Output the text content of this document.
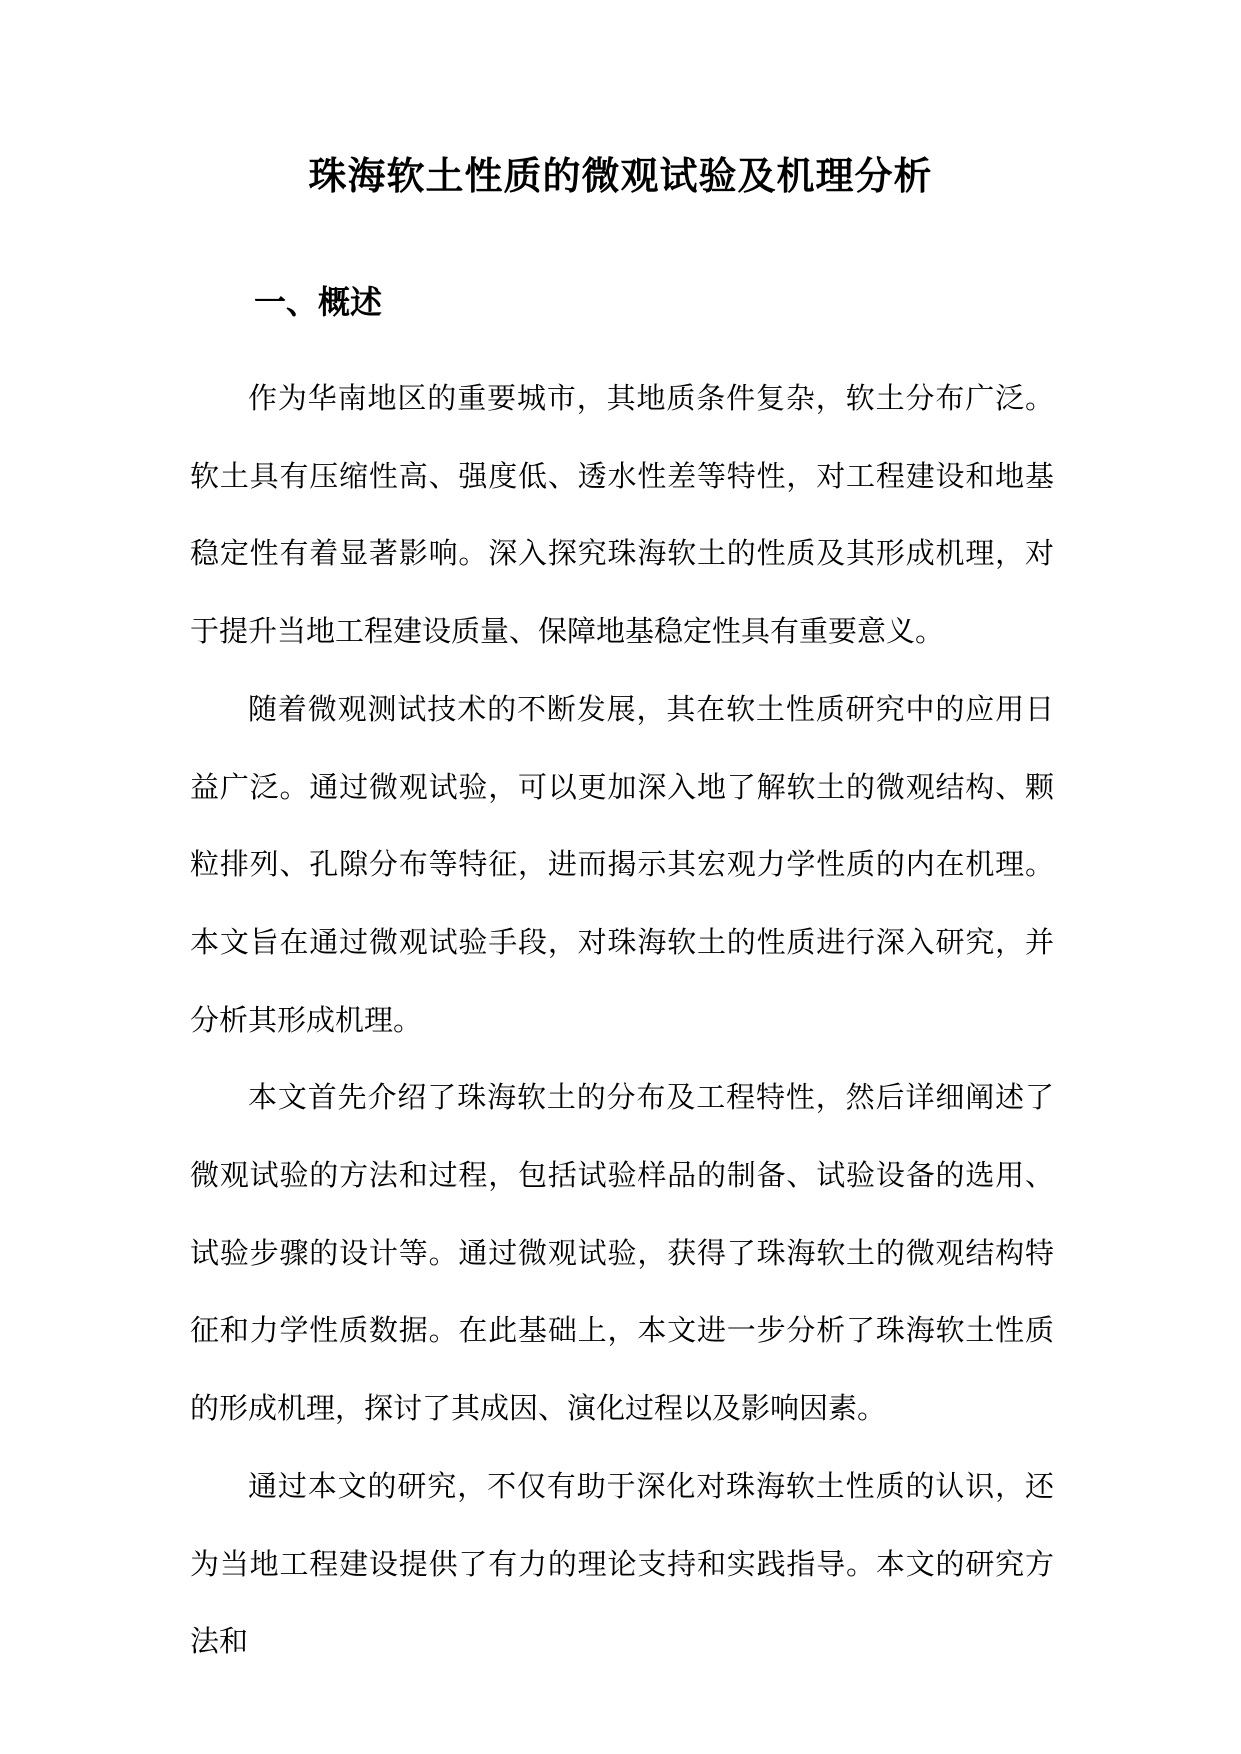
珠海软土性质的微观试验及机理分析
一、概述

作为华南地区的重要城市，其地质条件复杂，软土分布广泛。软土具有压缩性高、强度低、透水性差等特性，对工程建设和地基稳定性有着显著影响。深入探究珠海软土的性质及其形成机理，对于提升当地工程建设质量、保障地基稳定性具有重要意义。

随着微观测试技术的不断发展，其在软土性质研究中的应用日益广泛。通过微观试验，可以更加深入地了解软土的微观结构、颗粒排列、孔隙分布等特征，进而揭示其宏观力学性质的内在机理。本文旨在通过微观试验手段，对珠海软土的性质进行深入研究，并分析其形成机理。

本文首先介绍了珠海软土的分布及工程特性，然后详细阐述了微观试验的方法和过程，包括试验样品的制备、试验设备的选用、试验步骤的设计等。通过微观试验，获得了珠海软土的微观结构特征和力学性质数据。在此基础上，本文进一步分析了珠海软土性质的形成机理，探讨了其成因、演化过程以及影响因素。

通过本文的研究，不仅有助于深化对珠海软土性质的认识，还为当地工程建设提供了有力的理论支持和实践指导。本文的研究方法和
